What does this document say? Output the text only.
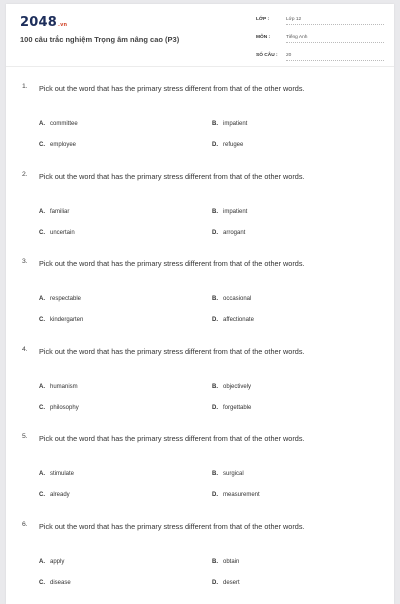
2048.vn
100 câu trắc nghiệm Trọng âm nâng cao (P3)
LỚP :	Lớp 12
MÔN :	Tiếng Anh
SỐ CÂU : 20
1. Pick out the word that has the primary stress different from that of the other words.
A. committee	B. impatient
C. employee	D. refugee
2. Pick out the word that has the primary stress different from that of the other words.
A. familiar	B. impatient
C. uncertain	D. arrogant
3. Pick out the word that has the primary stress different from that of the other words.
A. respectable	B. occasional
C. kindergarten	D. affectionate
4. Pick out the word that has the primary stress different from that of the other words.
A. humanism	B. objectively
C. philosophy	D. forgettable
5. Pick out the word that has the primary stress different from that of the other words.
A. stimulate	B. surgical
C. already	D. measurement
6. Pick out the word that has the primary stress different from that of the other words.
A. apply	B. obtain
C. disease	D. desert
